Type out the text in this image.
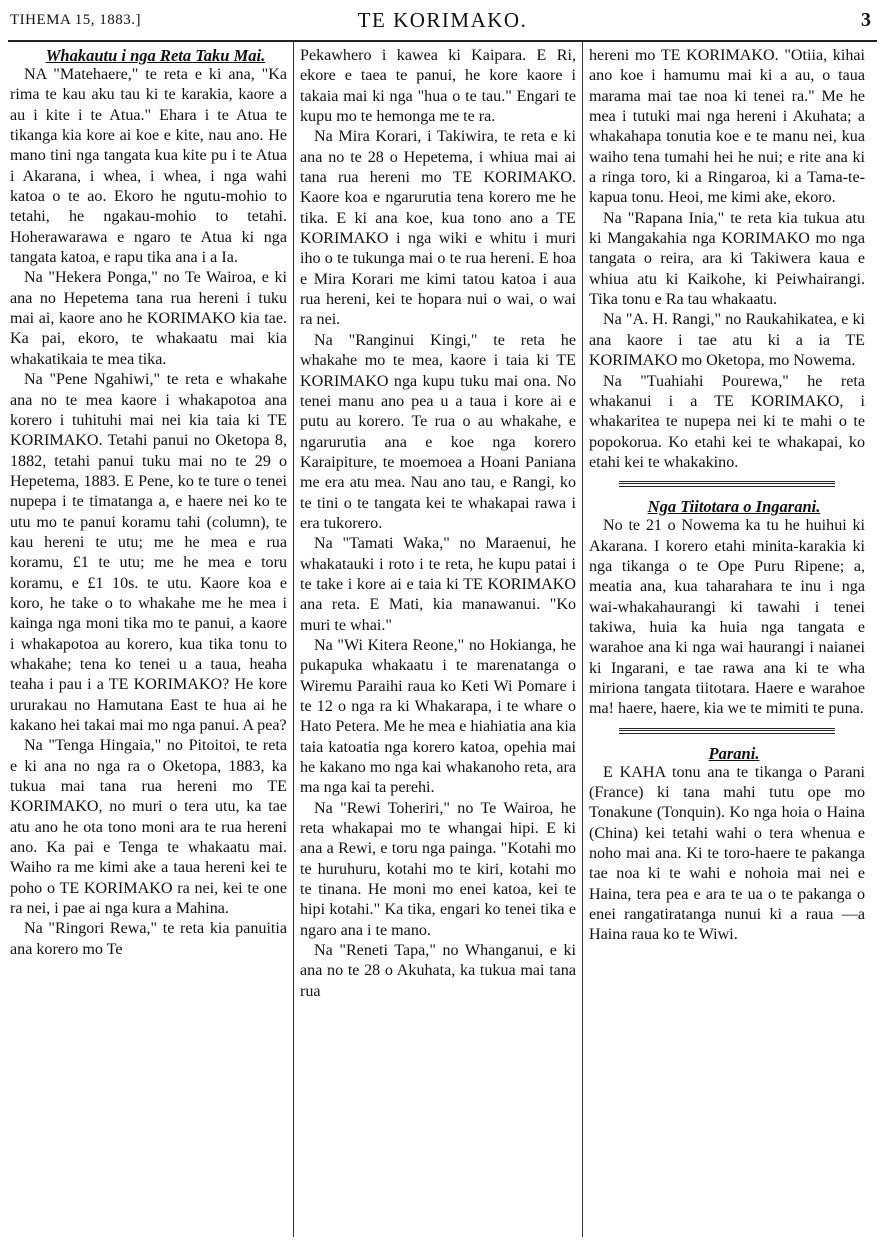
TIHEMA 15, 1883.]	TE KORIMAKO.	3

Whakautu i nga Reta Taku Mai.

NA "Matehaere," te reta e ki ana, "Ka rima te kau aku tau ki te karakia, kaore a au i kite i te Atua." Ehara i te Atua te tikanga kia kore ai koe e kite, nau ano. He mano tini nga tangata kua kite pu i te Atua i Akarana, i whea, i whea, i nga wahi katoa o te ao. Ekoro he ngutu-mohio to tetahi, he ngakau-mohio to tetahi. Hoherawarawa e ngaro te Atua ki nga tangata katoa, e rapu tika ana i a Ia.

Na "Hekera Ponga," no Te Wairoa, e ki ana no Hepetema tana rua hereni i tuku mai ai, kaore ano he KORIMAKO kia tae. Ka pai, ekoro, te whakaatu mai kia whakatikaia te mea tika.

Na "Pene Ngahiwi," te reta e whakahe ana no te mea kaore i whakapotoa ana korero i tuhituhi mai nei kia taia ki TE KORIMAKO. Tetahi panui no Oketopa 8, 1882, tetahi panui tuku mai no te 29 o Hepetema, 1883. E Pene, ko te ture o tenei nupepa i te timatanga a, e haere nei ko te utu mo te panui koramu tahi (column), te kau hereni te utu; me he mea e rua koramu, £1 te utu; me he mea e toru koramu, e £1 10s. te utu. Kaore koa e koro, he take o to whakahe me he mea i kainga nga moni tika mo te panui, a kaore i whakapotoa au korero, kua tika tonu to whakahe; tena ko tenei u a taua, heaha teaha i pau i a TE KORIMAKO? He kore ururakau no Hamutana East te hua ai he kakano hei takai mai mo nga panui. A pea?

Na "Tenga Hingaia," no Pitoitoi, te reta e ki ana no nga ra o Oketopa, 1883, ka tukua mai tana rua hereni mo TE KORIMAKO, no muri o tera utu, ka tae atu ano he ota tono moni ara te rua hereni ano. Ka pai e Tenga te whakaatu mai. Waiho ra me kimi ake a taua hereni kei te poho o TE KORIMAKO ra nei, kei te one ra nei, i pae ai nga kura a Mahina.

Na "Ringori Rewa," te reta kia panuitia ana korero mo Te

Pekawhero i kawea ki Kaipara. E Ri, ekore e taea te panui, he kore kaore i takaia mai ki nga "hua o te tau." Engari te kupu mo te hemonga me te ra.

Na Mira Korari, i Takiwira, te reta e ki ana no te 28 o Hepetema, i whiua mai ai tana rua hereni mo TE KORIMAKO. Kaore koa e ngarurutia tena korero me he tika. E ki ana koe, kua tono ano a TE KORIMAKO i nga wiki e whitu i muri iho o te tukunga mai o te rua hereni. E hoa e Mira Korari me kimi tatou katoa i aua rua hereni, kei te hopara nui o wai, o wai ra nei.

Na "Ranginui Kingi," te reta he whakahe mo te mea, kaore i taia ki TE KORIMAKO nga kupu tuku mai ona. No tenei manu ano pea u a taua i kore ai e putu au korero. Te rua o au whakahe, e ngarurutia ana e koe nga korero Karaipiture, te moemoea a Hoani Paniana me era atu mea. Nau ano tau, e Rangi, ko te tini o te tangata kei te whakapai rawa i era tukorero.

Na "Tamati Waka," no Maraenui, he whakatauki i roto i te reta, he kupu patai i te take i kore ai e taia ki TE KORIMAKO ana reta. E Mati, kia manawanui. "Ko muri te whai."

Na "Wi Kitera Reone," no Hokianga, he pukapuka whakaatu i te marenatanga o Wiremu Paraihi raua ko Keti Wi Pomare i te 12 o nga ra ki Whakarapa, i te whare o Hato Petera. Me he mea e hiahiatia ana kia taia katoatia nga korero katoa, opehia mai he kakano mo nga kai whakanoho reta, ara ma nga kai ta perehi.

Na "Rewi Toheriri," no Te Wairoa, he reta whakapai mo te whangai hipi. E ki ana a Rewi, e toru nga painga. "Kotahi mo te huruhuru, kotahi mo te kiri, kotahi mo te tinana. He moni mo enei katoa, kei te hipi kotahi." Ka tika, engari ko tenei tika e ngaro ana i te mano.

Na "Reneti Tapa," no Whanganui, e ki ana no te 28 o Akuhata, ka tukua mai tana rua

hereni mo TE KORIMAKO. "Otiia, kihai ano koe i hamumu mai ki a au, o taua marama mai tae noa ki tenei ra." Me he mea i tutuki mai nga hereni i Akuhata; a whakahapa tonutia koe e te manu nei, kua waiho tena tumahi hei he nui; e rite ana ki a ringa toro, ki a Ringaroa, ki a Tama-te-kapua tonu. Heoi, me kimi ake, ekoro.

Na "Rapana Inia," te reta kia tukua atu ki Mangakahia nga KORIMAKO mo nga tangata o reira, ara ki Takiwera kaua e whiua atu ki Kaikohe, ki Peiwhairangi. Tika tonu e Ra tau whakaatu.

Na "A. H. Rangi," no Raukahikatea, e ki ana kaore i tae atu ki a ia TE KORIMAKO mo Oketopa, mo Nowema.

Na "Tuahiahi Pourewa," he reta whakanui i a TE KORIMAKO, i whakaritea te nupepa nei ki te mahi o te popokorua. Ko etahi kei te whakapai, ko etahi kei te whakakino.

Nga Tiitotara o Ingarani.

No te 21 o Nowema ka tu he huihui ki Akarana. I korero etahi minita-karakia ki nga tikanga o te Ope Puru Ripene; a, meatia ana, kua taharahara te inu i nga wai-whakahaurangi ki tawahi i tenei takiwa, huia ka huia nga tangata e warahoe ana ki nga wai haurangi i naianei ki Ingarani, e tae rawa ana ki te wha miriona tangata tiitotara. Haere e warahoe ma! haere, haere, kia we te mimiti te puna.

Parani.

E KAHA tonu ana te tikanga o Parani (France) ki tana mahi tutu ope mo Tonakune (Tonquin). Ko nga hoia o Haina (China) kei tetahi wahi o tera whenua e noho mai ana. Ki te toro-haere te pakanga tae noa ki te wahi e nohoia mai nei e Haina, tera pea e ara te ua o te pakanga o enei rangatiratanga nunui ki a raua —a Haina raua ko te Wiwi.
